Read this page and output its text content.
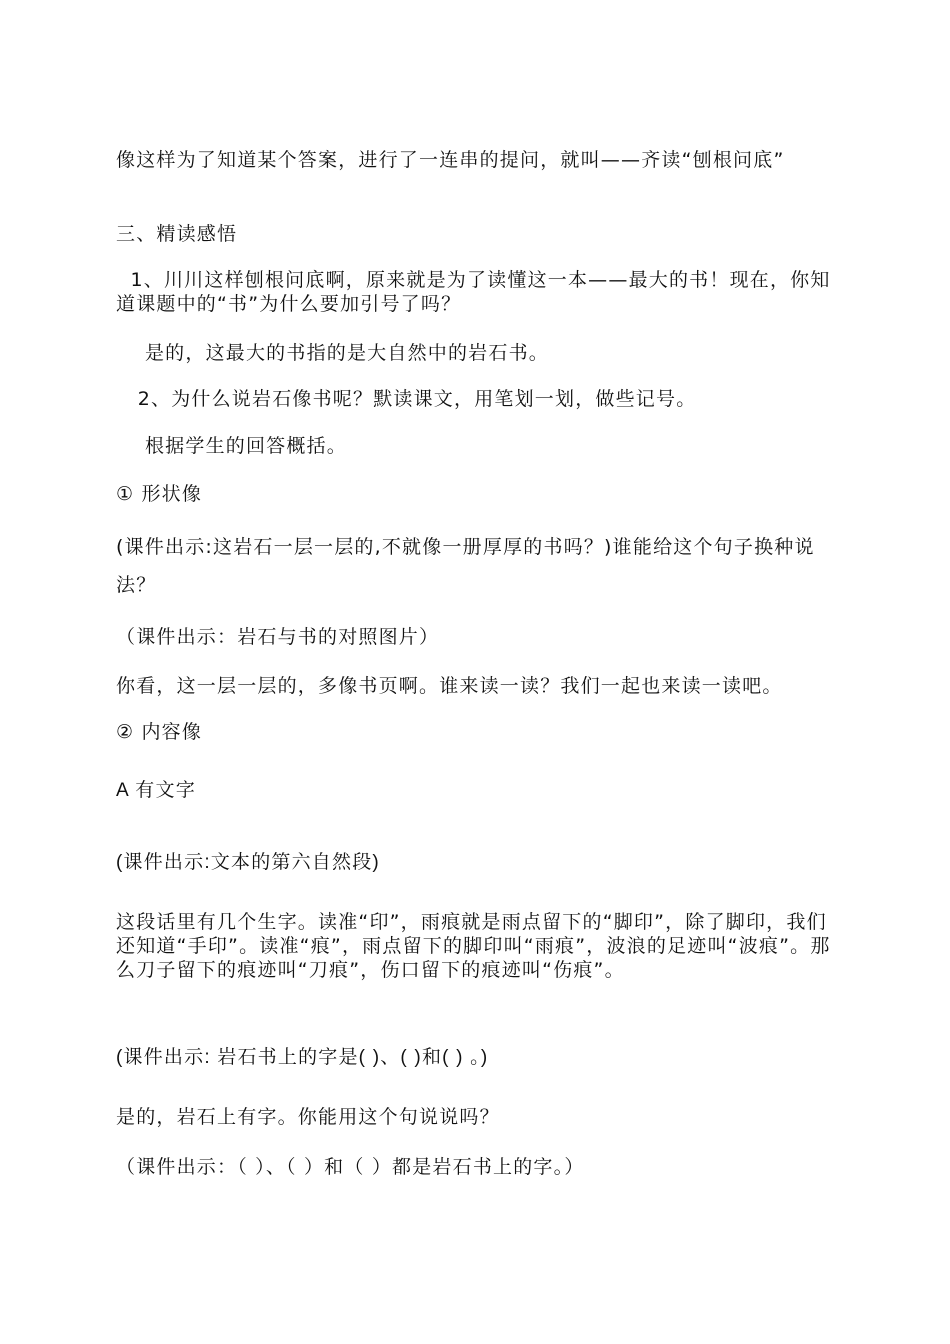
像这样为了知道某个答案，进行了一连串的提问，就叫——齐读“刨根问底”

三、精读感悟

1、川川这样刨根问底啊，原来就是为了读懂这一本——最大的书！现在，你知道课题中的“书”为什么要加引号了吗？

是的，这最大的书指的是大自然中的岩石书。

2、为什么说岩石像书呢？默读课文，用笔划一划，做些记号。

根据学生的回答概括。

① 形状像

(课件出示:这岩石一层一层的,不就像一册厚厚的书吗？)谁能给这个句子换种说法？

（课件出示：岩石与书的对照图片）

你看，这一层一层的，多像书页啊。谁来读一读？我们一起也来读一读吧。

② 内容像

A 有文字

(课件出示:文本的第六自然段)

这段话里有几个生字。读准“印”，雨痕就是雨点留下的“脚印”，除了脚印，我们还知道“手印”。读准“痕”，雨点留下的脚印叫“雨痕”，波浪的足迹叫“波痕”。那么刀子留下的痕迹叫“刀痕”，伤口留下的痕迹叫“伤痕”。

(课件出示: 岩石书上的字是( )、( )和( ) 。)

是的，岩石上有字。你能用这个句说说吗？

（课件出示：（ ）、（ ）和（ ）都是岩石书上的字。）
